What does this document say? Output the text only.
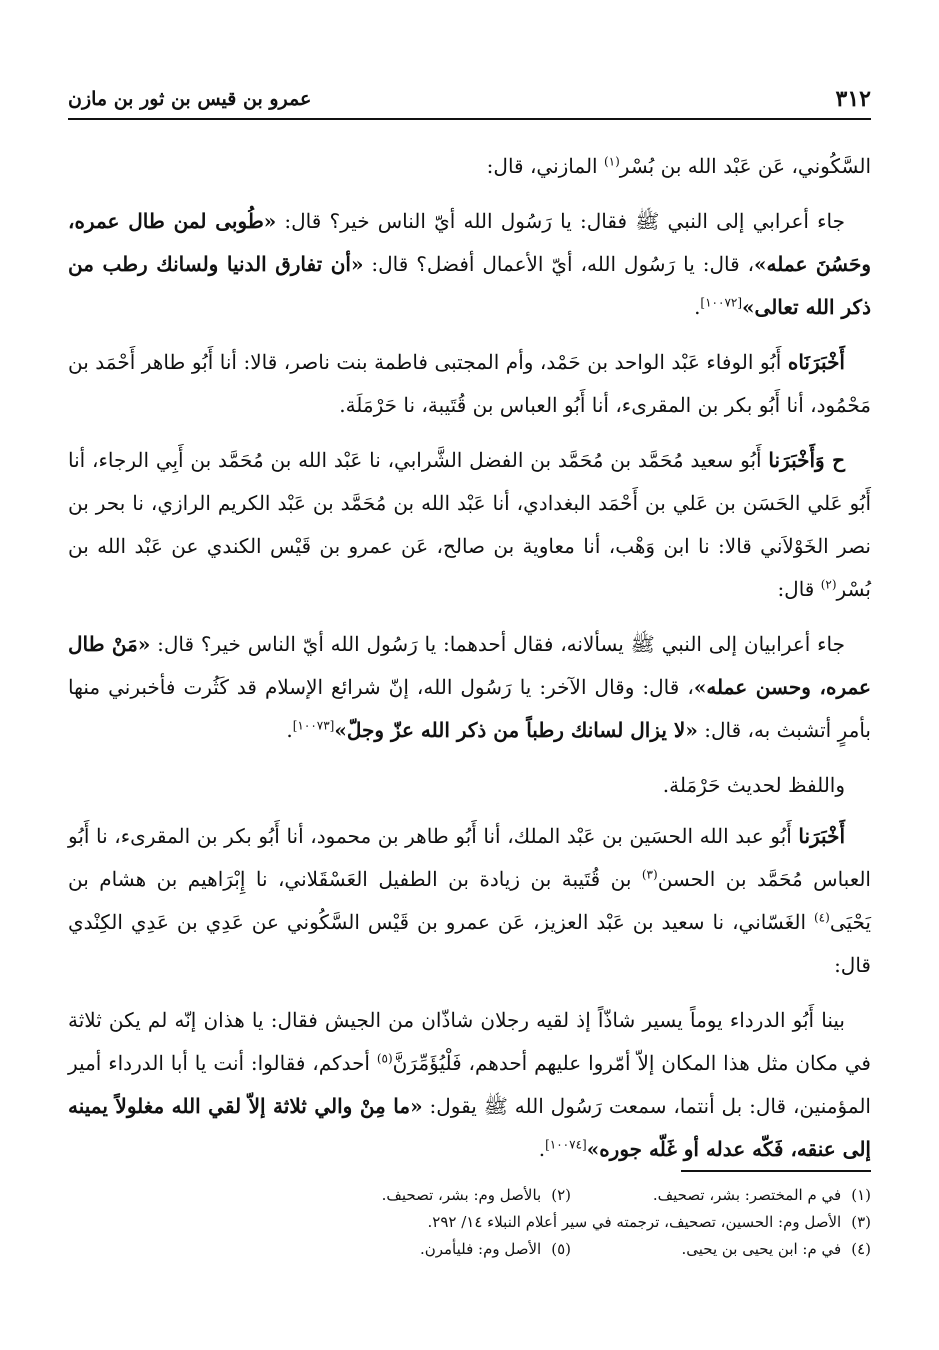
٣١٢
عمرو بن قيس بن ثور بن مازن

السَّكُوني، عَن عَبْد الله بن بُسْر$^{(١)}$ المازني، قال:

جاء أعرابي إلى النبي ﷺ فقال: يا رَسُول الله أيّ الناس خير؟ قال: «طُوبى لمن طال عمره، وحَسُنَ عمله»، قال: يا رَسُول الله، أيّ الأعمال أفضل؟ قال: «أن تفارق الدنيا ولسانك رطب من ذكر الله تعالى»[١٠٠٧٢].

أَخْبَرَنَاه أَبُو الوفاء عَبْد الواحد بن حَمْد، وأم المجتبى فاطمة بنت ناصر، قالا: أنا أَبُو طاهر أَحْمَد بن مَحْمُود، أنا أَبُو بكر بن المقرىء، أنا أَبُو العباس بن قُتَيبة، نا حَرْمَلَة.

ح وَأَخْبَرَنا أَبُو سعيد مُحَمَّد بن مُحَمَّد بن الفضل الشَّرابي، نا عَبْد الله بن مُحَمَّد بن أَبِي الرجاء، أنا أَبُو عَلي الحَسَن بن عَلي بن أَحْمَد البغدادي، أنا عَبْد الله بن مُحَمَّد بن عَبْد الكريم الرازي، نا بحر بن نصر الخَوْلاَني قالا: نا ابن وَهْب، أنا معاوية بن صالح، عَن عمرو بن قَيْس الكندي عن عَبْد الله بن بُسْر$^{(٢)}$ قال:

جاء أعرابيان إلى النبي ﷺ يسألانه، فقال أحدهما: يا رَسُول الله أيّ الناس خير؟ قال: «مَنْ طال عمره، وحسن عمله»، قال: وقال الآخر: يا رَسُول الله، إنّ شرائع الإسلام قد كَثُرت فأخبرني منها بأمرٍ أتشبث به، قال: «لا يزال لسانك رطباً من ذكر الله عزّ وجلّ»[١٠٠٧٣].

واللفظ لحديث حَرْمَلة.

أَخْبَرَنا أَبُو عبد الله الحسَين بن عَبْد الملك، أنا أَبُو طاهر بن محمود، أنا أَبُو بكر بن المقرىء، نا أَبُو العباس مُحَمَّد بن الحسن$^{(٣)}$ بن قُتَيبة بن زيادة بن الطفيل العَسْقَلاني، نا إِبْرَاهيم بن هشام بن يَحْيَى$^{(٤)}$ الغَسّاني، نا سعيد بن عَبْد العزيز، عَن عمرو بن قَيْس السَّكُوني عن عَدِي بن عَدِي الكِنْدي قال:

بينا أَبُو الدرداء يوماً يسير شاذّاً إذ لقيه رجلان شاذّان من الجيش فقال: يا هذان إنّه لم يكن ثلاثة في مكان مثل هذا المكان إلاّ أمّروا عليهم أحدهم، فَلْيُؤَمِّرَنَّ$^{(٥)}$ أحدكم، فقالوا: أنت يا أبا الدرداء أمير المؤمنين، قال: بل أنتما، سمعت رَسُول الله ﷺ يقول: «ما مِنْ والي ثلاثة إلاّ لقي الله مغلولاً يمينه إلى عنقه، فَكّه عدله أو غَلّه جوره»[١٠٠٧٤].

(١)في م المختصر: بشر، تصحيف.
(٢)بالأصل وم: بشر، تصحيف.
(٣)الأصل وم: الحسين، تصحيف، ترجمته في سير أعلام النبلاء ١٤/ ٢٩٢.
(٤)في م: ابن يحيى بن يحيى.
(٥)الأصل وم: فليأمرن.
